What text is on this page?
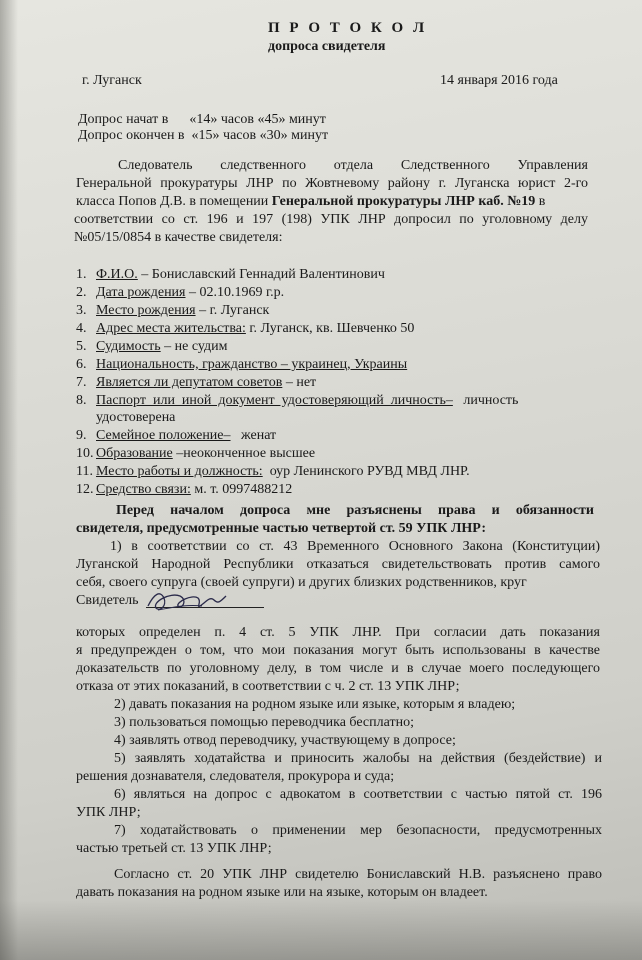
П Р О Т О К О Л
допроса свидетеля
г. Луганск	14 января 2016 года
Допрос начат в      «14» часов «45» минут
Допрос окончен в  «15» часов «30» минут
Следователь следственного отдела Следственного Управления
Генеральной прокуратуры ЛНР по Жовтневому району г. Луганска юрист 2-го
класса Попов Д.В. в помещении Генеральной прокуратуры ЛНР каб. №19 в
соответствии со ст. 196 и 197 (198) УПК ЛНР допросил по уголовному делу
№05/15/0854 в качестве свидетеля:
1. Ф.И.О. – Бониславский Геннадий Валентинович
2. Дата рождения – 02.10.1969 г.р.
3. Место рождения – г. Луганск
4. Адрес места жительства: г. Луганск, кв. Шевченко 50
5. Судимость – не судим
6. Национальность, гражданство – украинец, Украины
7. Является ли депутатом советов – нет
8. Паспорт  или  иной  документ  удостоверяющий  личность–   личность
удостоверена
9. Семейное положение–   женат
10. Образование –неоконченное высшее
11. Место работы и должность:  оур Ленинского РУВД МВД ЛНР.
12. Средство связи: м. т. 0997488212
Перед началом допроса мне разъяснены права и обязанности
свидетеля, предусмотренные частью четвертой ст. 59 УПК ЛНР:
1) в соответствии со ст. 43 Временного Основного Закона (Конституции)
Луганской Народной Республики отказаться свидетельствовать против самого
себя, своего супруга (своей супруги) и других близких родственников, круг
Свидетель
которых определен п. 4 ст. 5 УПК ЛНР. При согласии дать показания
я предупрежден о том, что мои показания могут быть использованы в качестве
доказательств по уголовному делу, в том числе и в случае моего последующего
отказа от этих показаний, в соответствии с ч. 2 ст. 13 УПК ЛНР;
2) давать показания на родном языке или языке, которым я владею;
3) пользоваться помощью переводчика бесплатно;
4) заявлять отвод переводчику, участвующему в допросе;
5) заявлять ходатайства и приносить жалобы на действия (бездействие) и
решения дознавателя, следователя, прокурора и суда;
6) являться на допрос с адвокатом в соответствии с частью пятой ст. 196
УПК ЛНР;
7) ходатайствовать о применении мер безопасности, предусмотренных
частью третьей ст. 13 УПК ЛНР;
Согласно ст. 20 УПК ЛНР свидетелю Бониславский Н.В. разъяснено право
давать показания на родном языке или на языке, которым он владеет.
